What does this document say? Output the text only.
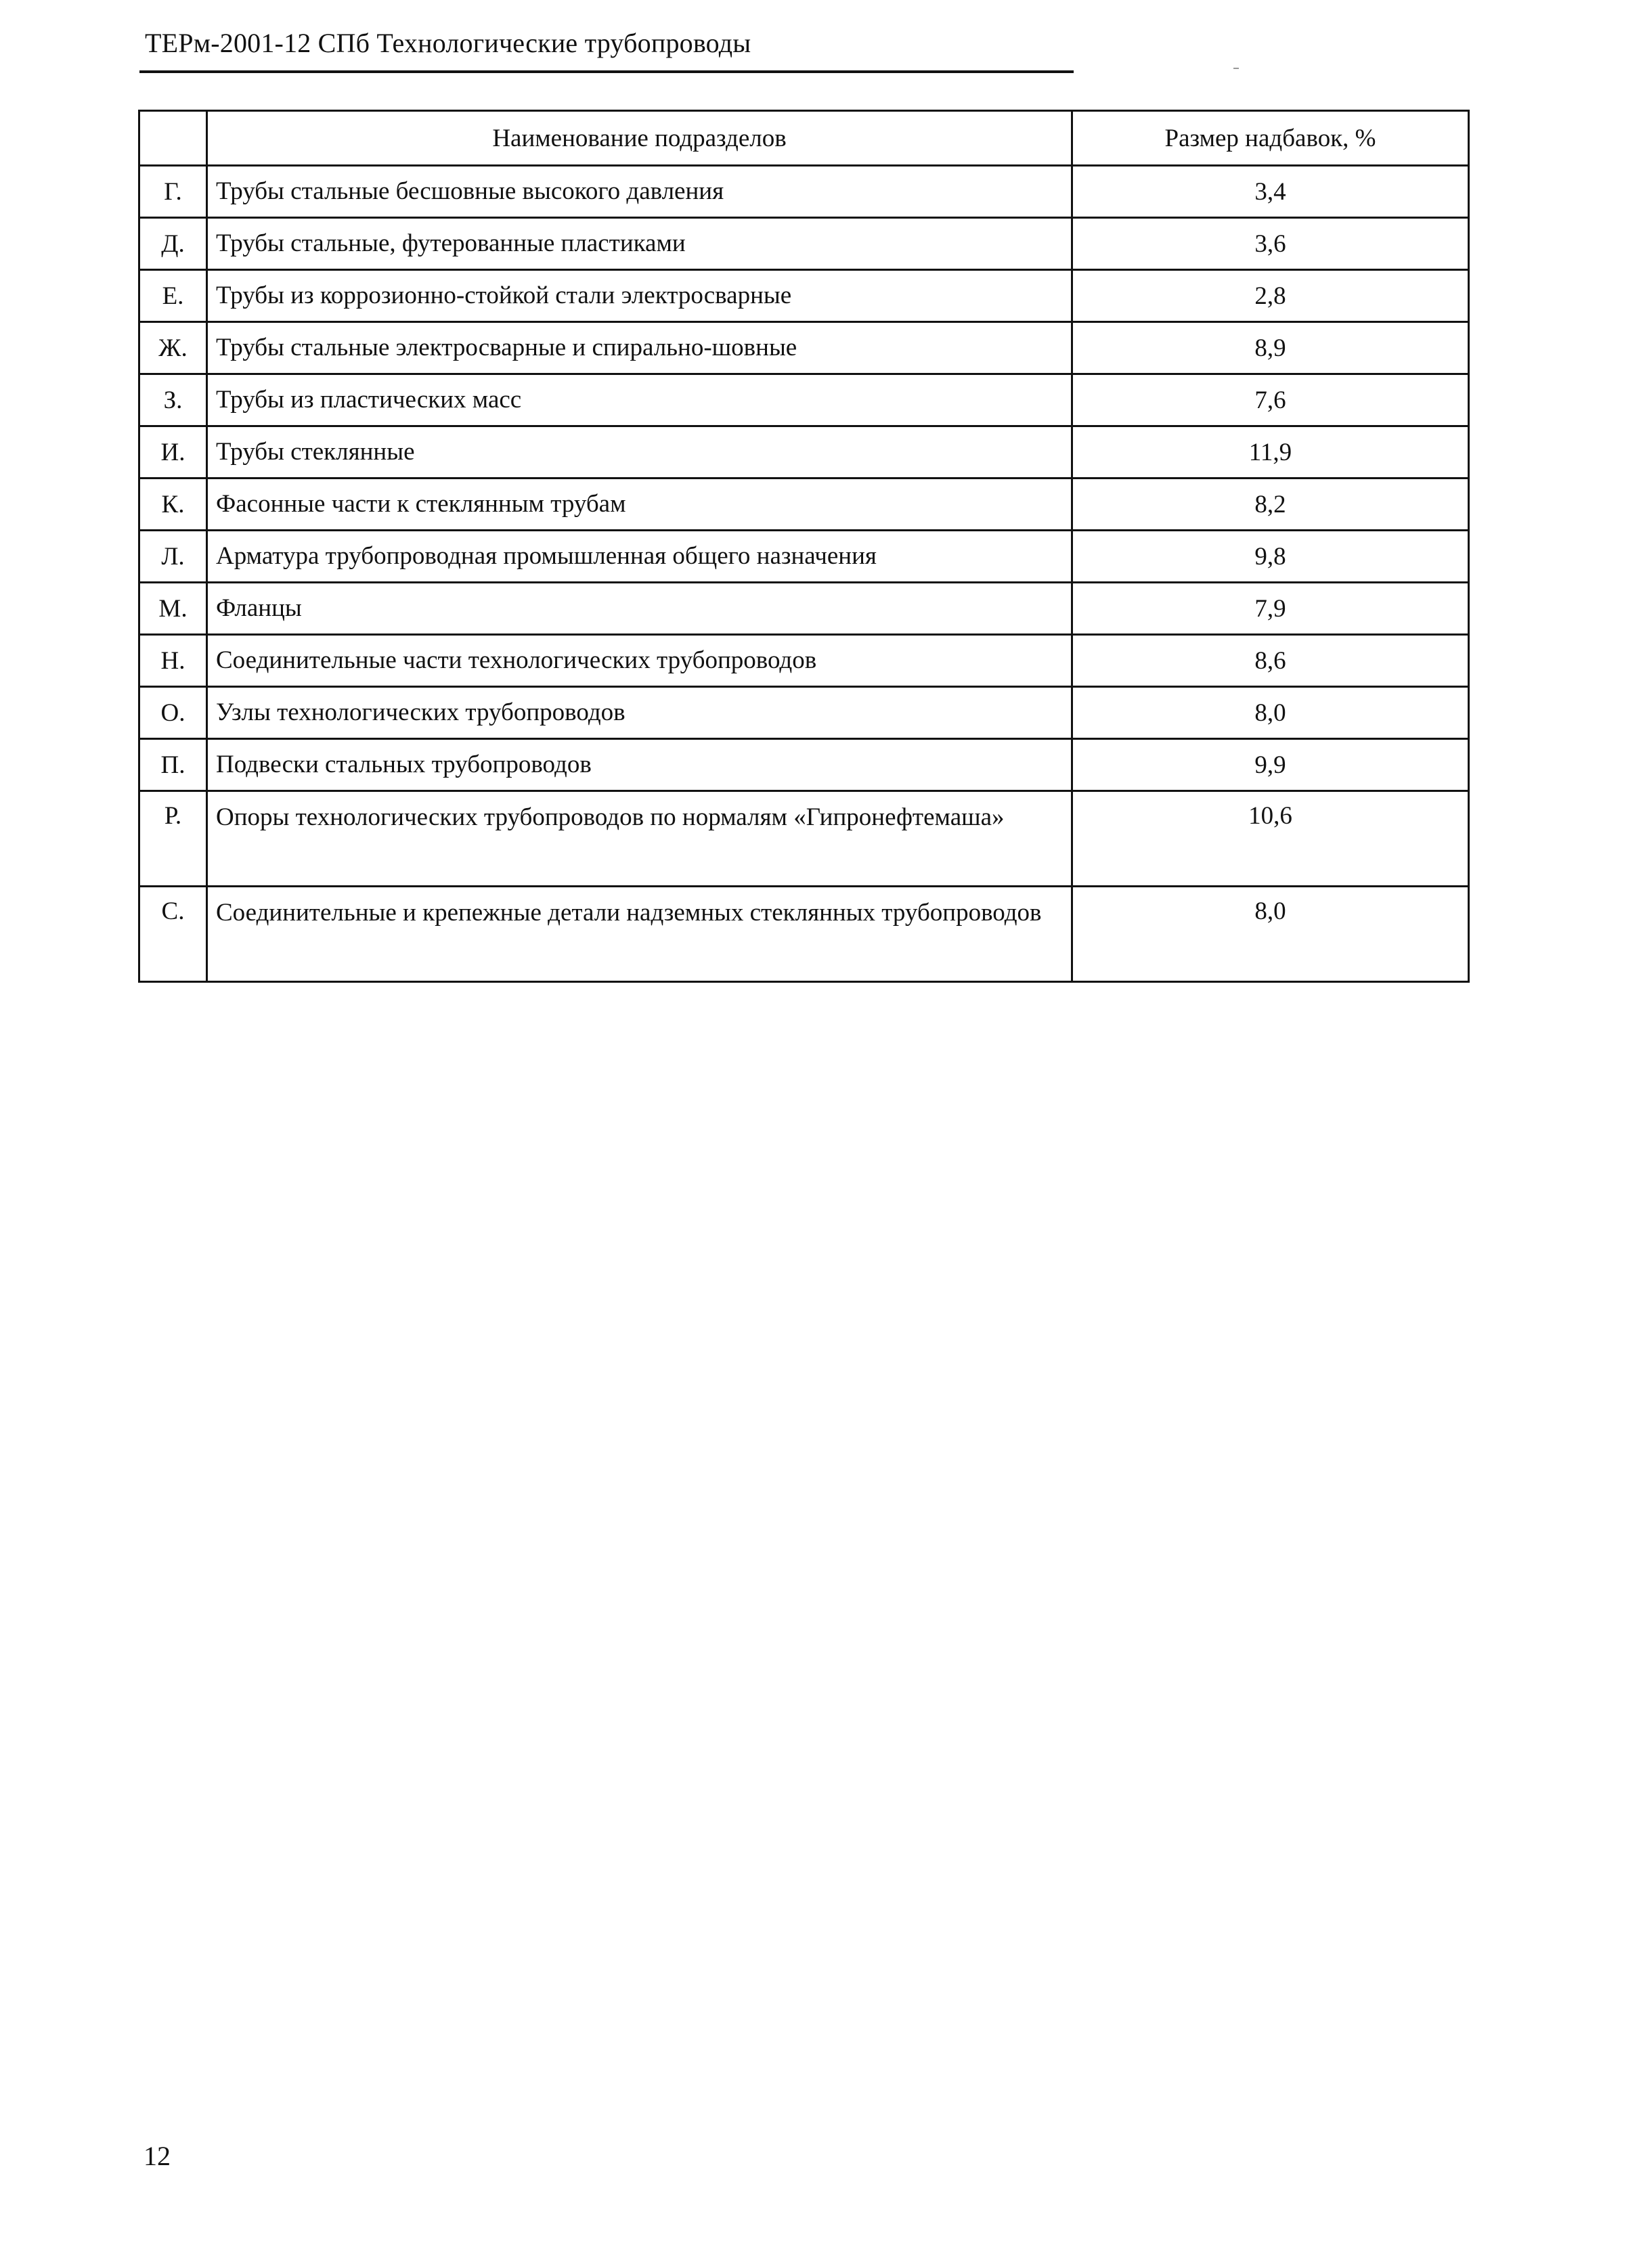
ТЕРм-2001-12 СПб Технологические трубопроводы
	Наименование подразделов	Размер надбавок, %
Г.	Трубы стальные бесшовные высокого давления	3,4
Д.	Трубы стальные, футерованные пластиками	3,6
Е.	Трубы из коррозионно-стойкой стали электросварные	2,8
Ж.	Трубы стальные электросварные и спирально-шовные	8,9
З.	Трубы из пластических масс	7,6
И.	Трубы стеклянные	11,9
К.	Фасонные части к стеклянным трубам	8,2
Л.	Арматура трубопроводная промышленная общего назначения	9,8
М.	Фланцы	7,9
Н.	Соединительные части технологических трубопроводов	8,6
О.	Узлы технологических трубопроводов	8,0
П.	Подвески стальных трубопроводов	9,9
Р.	Опоры технологических трубопроводов по нормалям «Гипронефтемаша»	10,6
С.	Соединительные и крепежные детали надземных стеклянных трубопроводов	8,0
12
